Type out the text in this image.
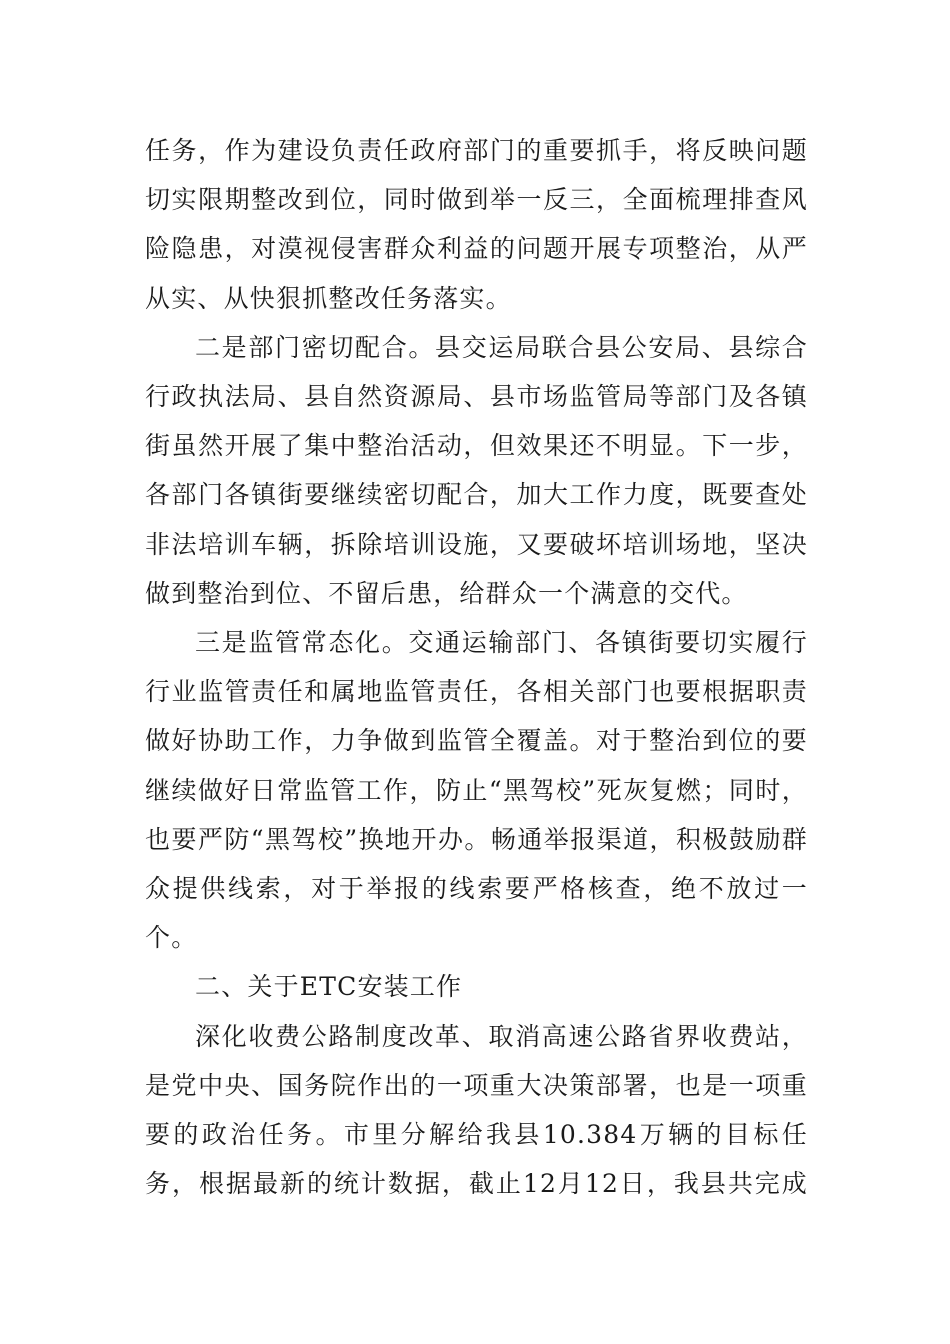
任务，作为建设负责任政府部门的重要抓手，将反映问题切实限期整改到位，同时做到举一反三，全面梳理排查风险隐患，对漠视侵害群众利益的问题开展专项整治，从严从实、从快狠抓整改任务落实。

二是部门密切配合。县交运局联合县公安局、县综合行政执法局、县自然资源局、县市场监管局等部门及各镇街虽然开展了集中整治活动，但效果还不明显。下一步，各部门各镇街要继续密切配合，加大工作力度，既要查处非法培训车辆，拆除培训设施，又要破坏培训场地，坚决做到整治到位、不留后患，给群众一个满意的交代。

三是监管常态化。交通运输部门、各镇街要切实履行行业监管责任和属地监管责任，各相关部门也要根据职责做好协助工作，力争做到监管全覆盖。对于整治到位的要继续做好日常监管工作，防止“黑驾校”死灰复燃；同时，也要严防“黑驾校”换地开办。畅通举报渠道，积极鼓励群众提供线索，对于举报的线索要严格核查，绝不放过一个。

二、关于ETC安装工作

深化收费公路制度改革、取消高速公路省界收费站，是党中央、国务院作出的一项重大决策部署，也是一项重要的政治任务。市里分解给我县10.384万辆的目标任务，根据最新的统计数据，截止12月12日，我县共完成
